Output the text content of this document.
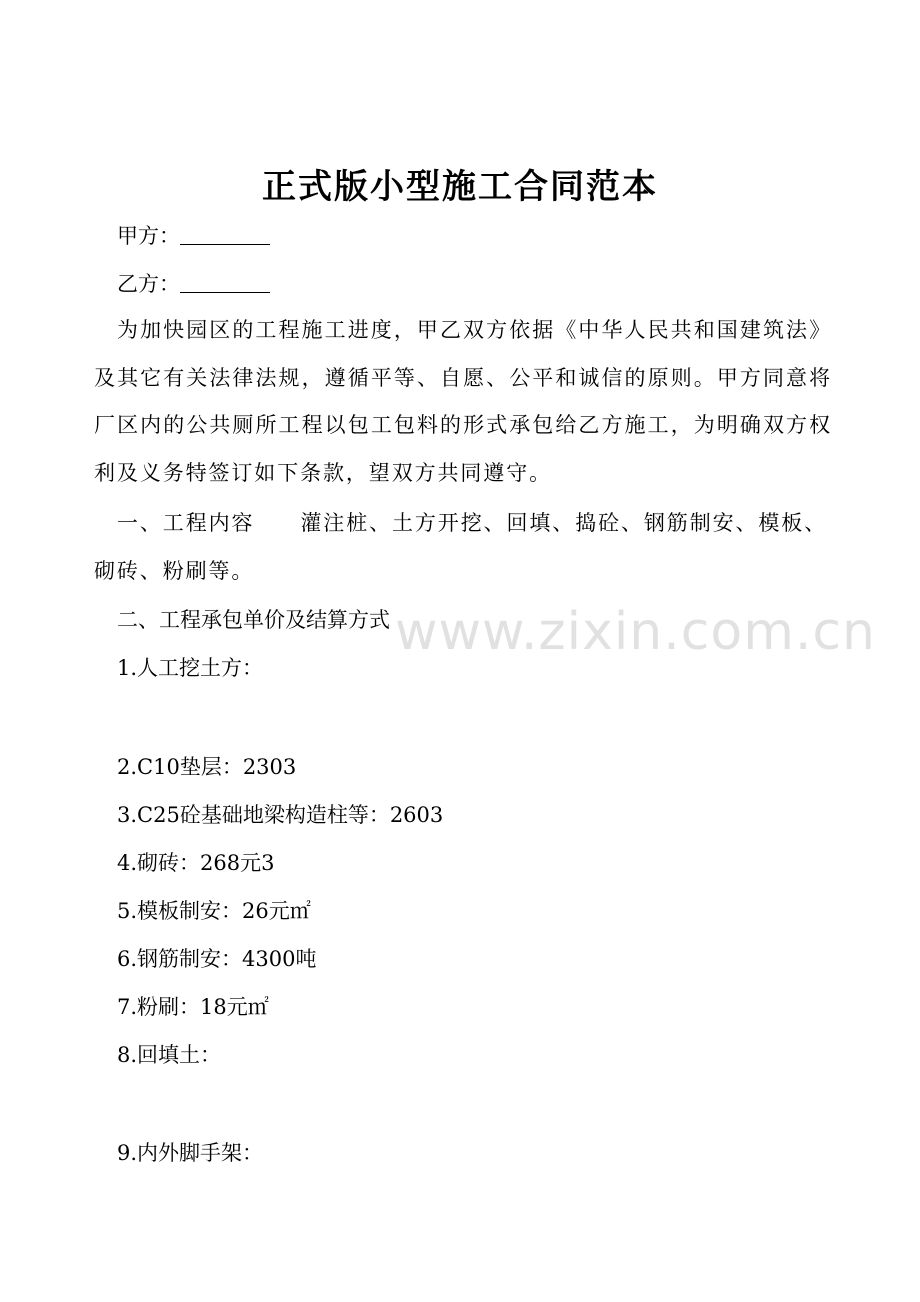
正式版小型施工合同范本
甲方：
乙方：
为加快园区的工程施工进度，甲乙双方依据《中华人民共和国建筑法》及其它有关法律法规，遵循平等、自愿、公平和诚信的原则。甲方同意将厂区内的公共厕所工程以包工包料的形式承包给乙方施工，为明确双方权利及义务特签订如下条款，望双方共同遵守。
一、工程内容 灌注桩、土方开挖、回填、捣砼、钢筋制安、模板、砌砖、粉刷等。
二、工程承包单价及结算方式
1.人工挖土方：
2.C10垫层：2303
3.C25砼基础地梁构造柱等：2603
4.砌砖：268元3
5.模板制安：26元㎡
6.钢筋制安：4300吨
7.粉刷：18元㎡
8.回填土：
9.内外脚手架：
www.zixin.com.cn
